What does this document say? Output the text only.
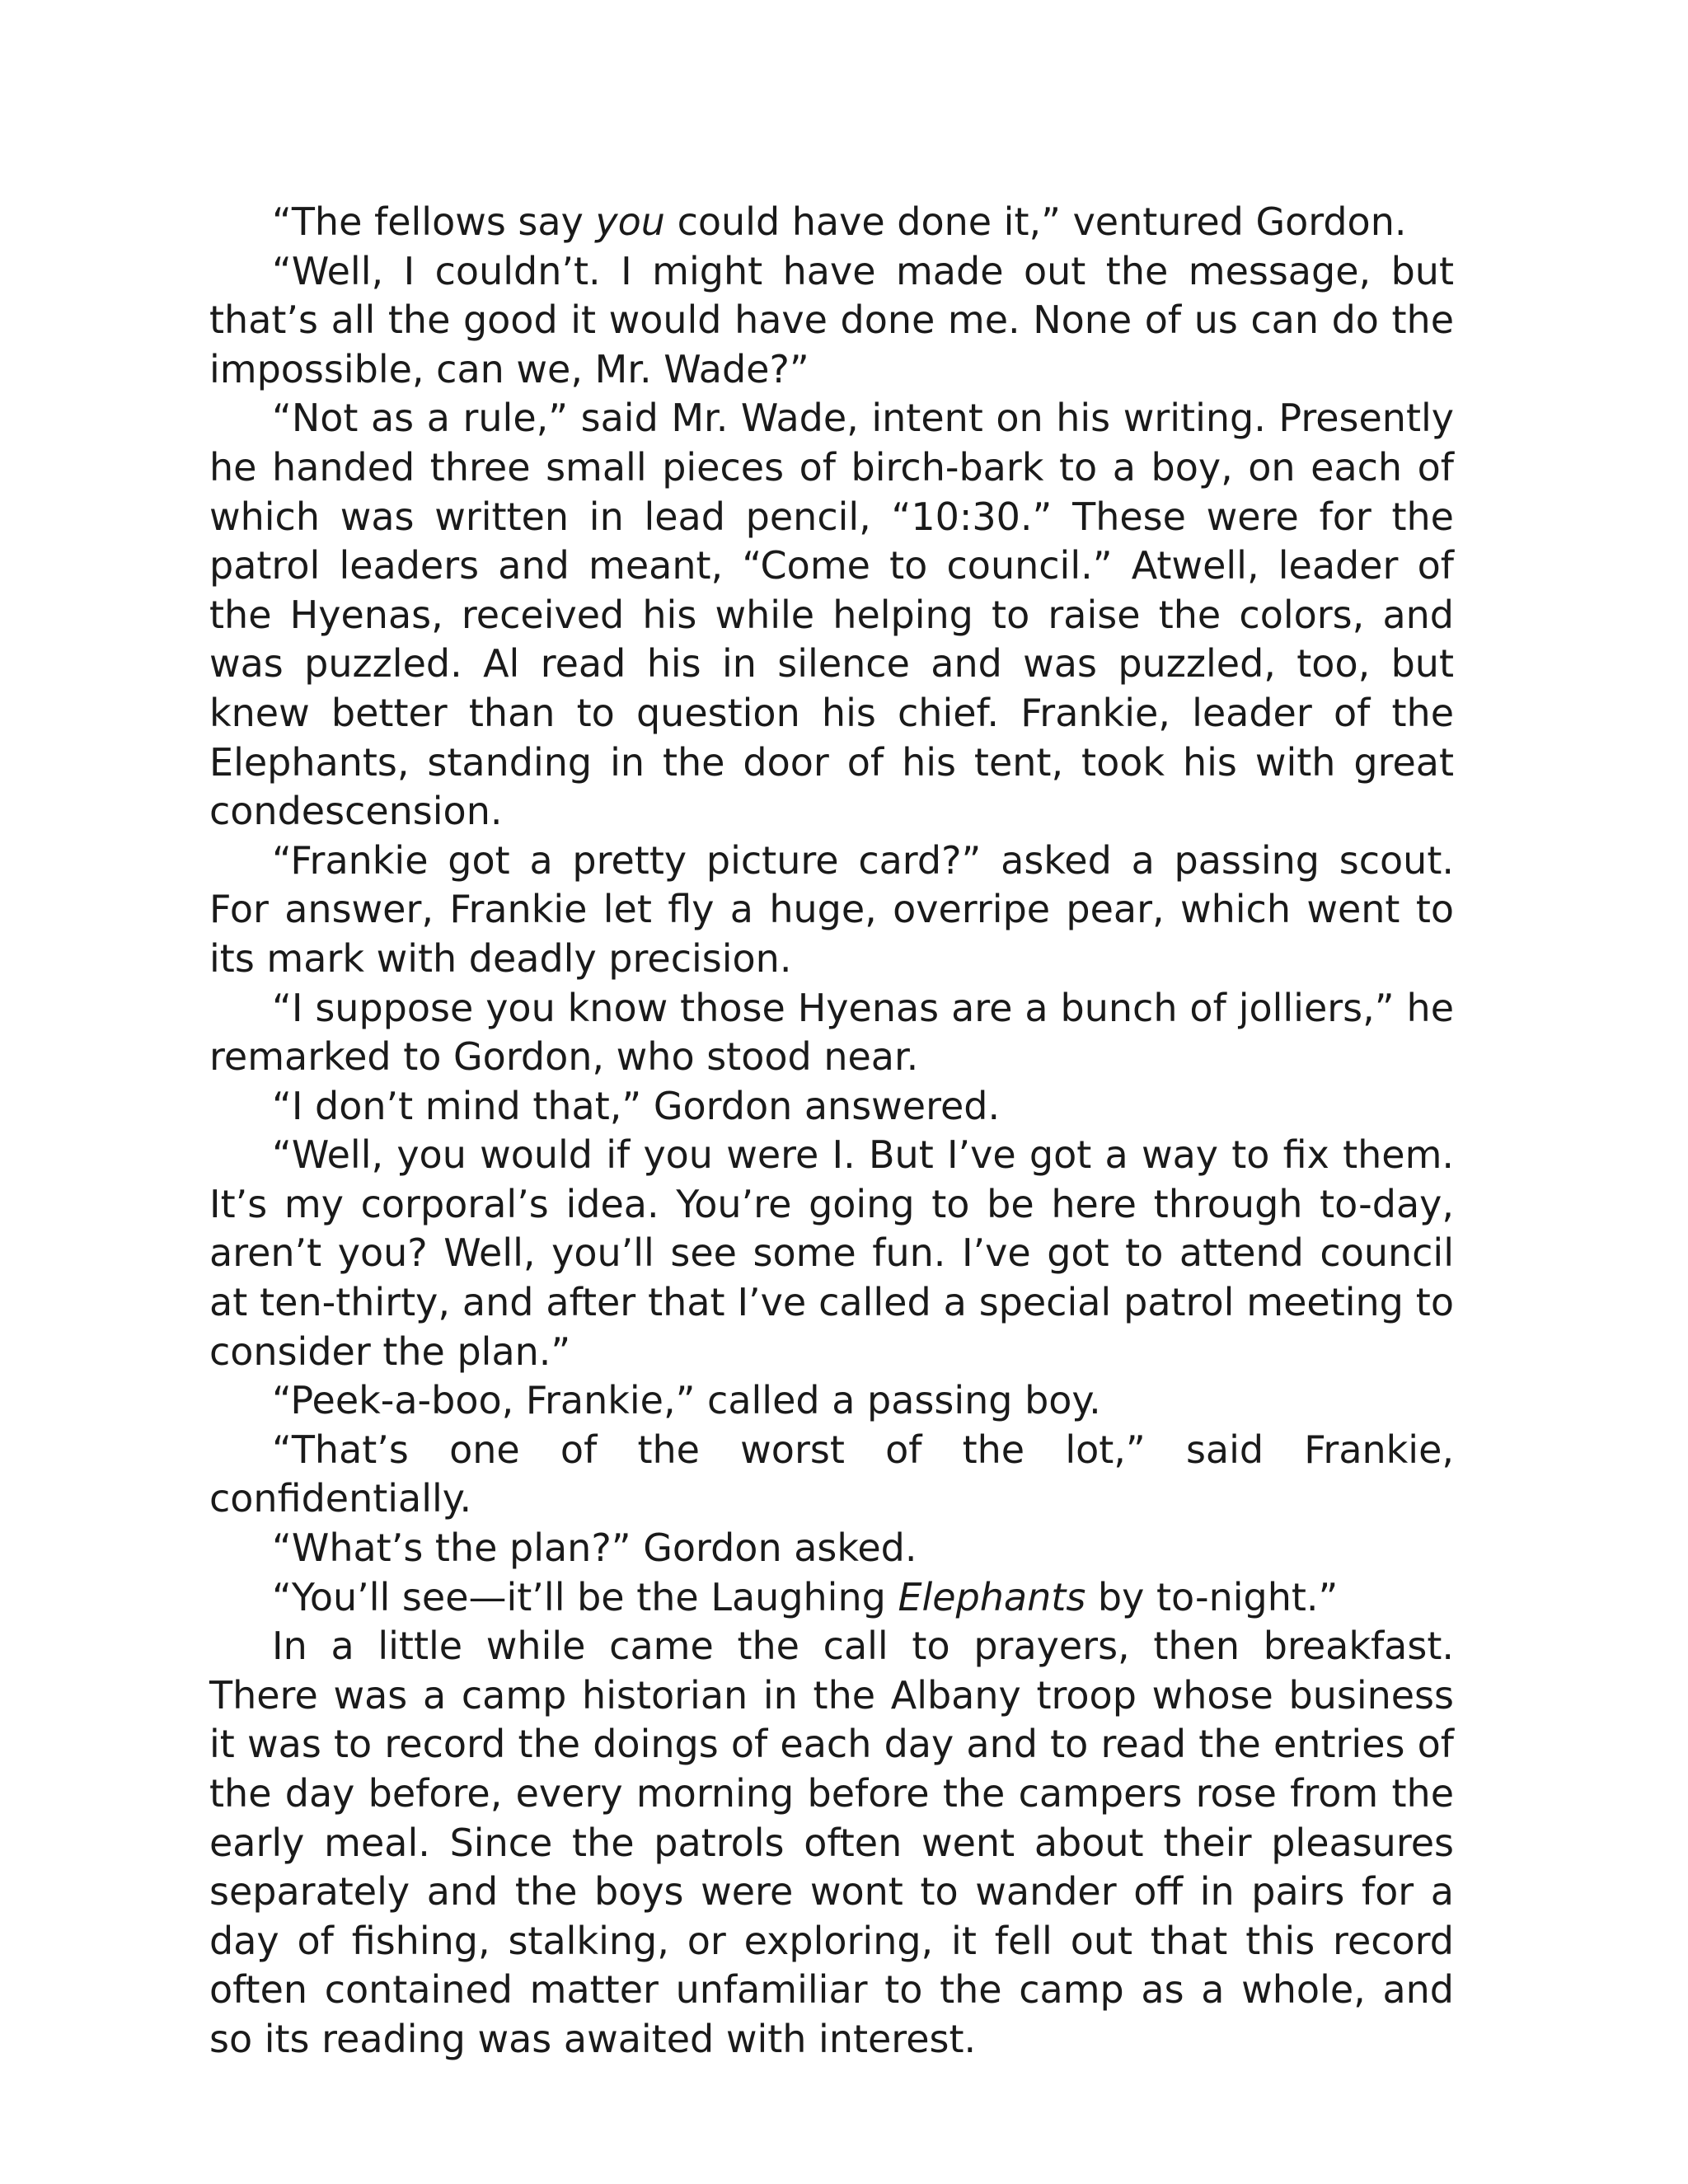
“The fellows say you could have done it,” ventured Gordon.

“Well, I couldn’t. I might have made out the message, but that’s all the good it would have done me. None of us can do the impossible, can we, Mr. Wade?”

“Not as a rule,” said Mr. Wade, intent on his writing. Presently he handed three small pieces of birch-bark to a boy, on each of which was written in lead pencil, “10:30.” These were for the patrol leaders and meant, “Come to council.” Atwell, leader of the Hyenas, received his while helping to raise the colors, and was puzzled. Al read his in silence and was puzzled, too, but knew better than to question his chief. Frankie, leader of the Elephants, standing in the door of his tent, took his with great condescension.

“Frankie got a pretty picture card?” asked a passing scout. For answer, Frankie let fly a huge, overripe pear, which went to its mark with deadly precision.

“I suppose you know those Hyenas are a bunch of jolliers,” he remarked to Gordon, who stood near.

“I don’t mind that,” Gordon answered.

“Well, you would if you were I. But I’ve got a way to fix them. It’s my corporal’s idea. You’re going to be here through to-day, aren’t you? Well, you’ll see some fun. I’ve got to attend council at ten-thirty, and after that I’ve called a special patrol meeting to consider the plan.”

“Peek-a-boo, Frankie,” called a passing boy.

“That’s one of the worst of the lot,” said Frankie, confidentially.

“What’s the plan?” Gordon asked.

“You’ll see—it’ll be the Laughing Elephants by to-night.”

In a little while came the call to prayers, then breakfast. There was a camp historian in the Albany troop whose business it was to record the doings of each day and to read the entries of the day before, every morning before the campers rose from the early meal. Since the patrols often went about their pleasures separately and the boys were wont to wander off in pairs for a day of fishing, stalking, or exploring, it fell out that this record often contained matter unfamiliar to the camp as a whole, and so its reading was awaited with interest.
